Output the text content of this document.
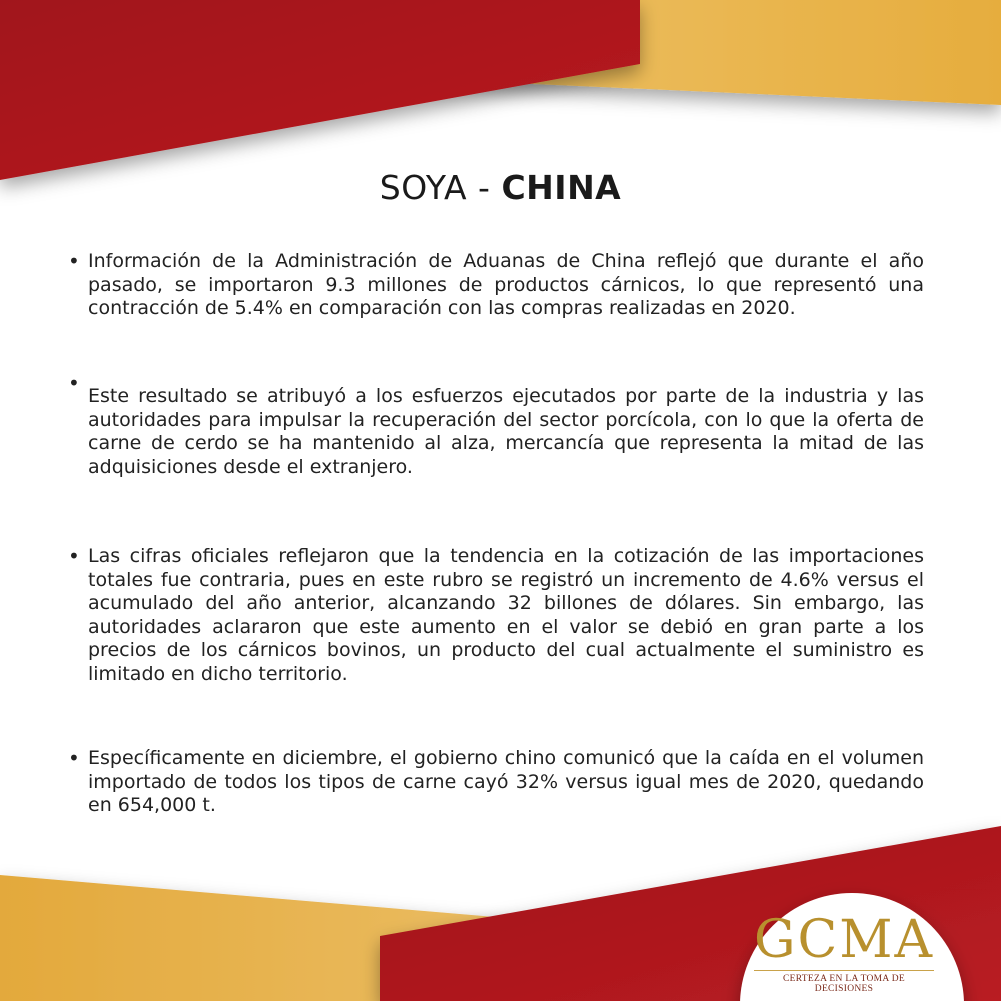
SOYA - CHINA
• Información de la Administración de Aduanas de China reflejó que durante el año pasado, se importaron 9.3 millones de productos cárnicos, lo que representó una contracción de 5.4% en comparación con las compras realizadas en 2020.
•
Este resultado se atribuyó a los esfuerzos ejecutados por parte de la industria y las autoridades para impulsar la recuperación del sector porcícola, con lo que la oferta de carne de cerdo se ha mantenido al alza, mercancía que representa la mitad de las adquisiciones desde el extranjero.
• Las cifras oficiales reflejaron que la tendencia en la cotización de las importaciones totales fue contraria, pues en este rubro se registró un incremento de 4.6% versus el acumulado del año anterior, alcanzando 32 billones de dólares. Sin embargo, las autoridades aclararon que este aumento en el valor se debió en gran parte a los precios de los cárnicos bovinos, un producto del cual actualmente el suministro es limitado en dicho territorio.
• Específicamente en diciembre, el gobierno chino comunicó que la caída en el volumen importado de todos los tipos de carne cayó 32% versus igual mes de 2020, quedando en 654,000 t.
GCMA
CERTEZA EN LA TOMA DE DECISIONES
